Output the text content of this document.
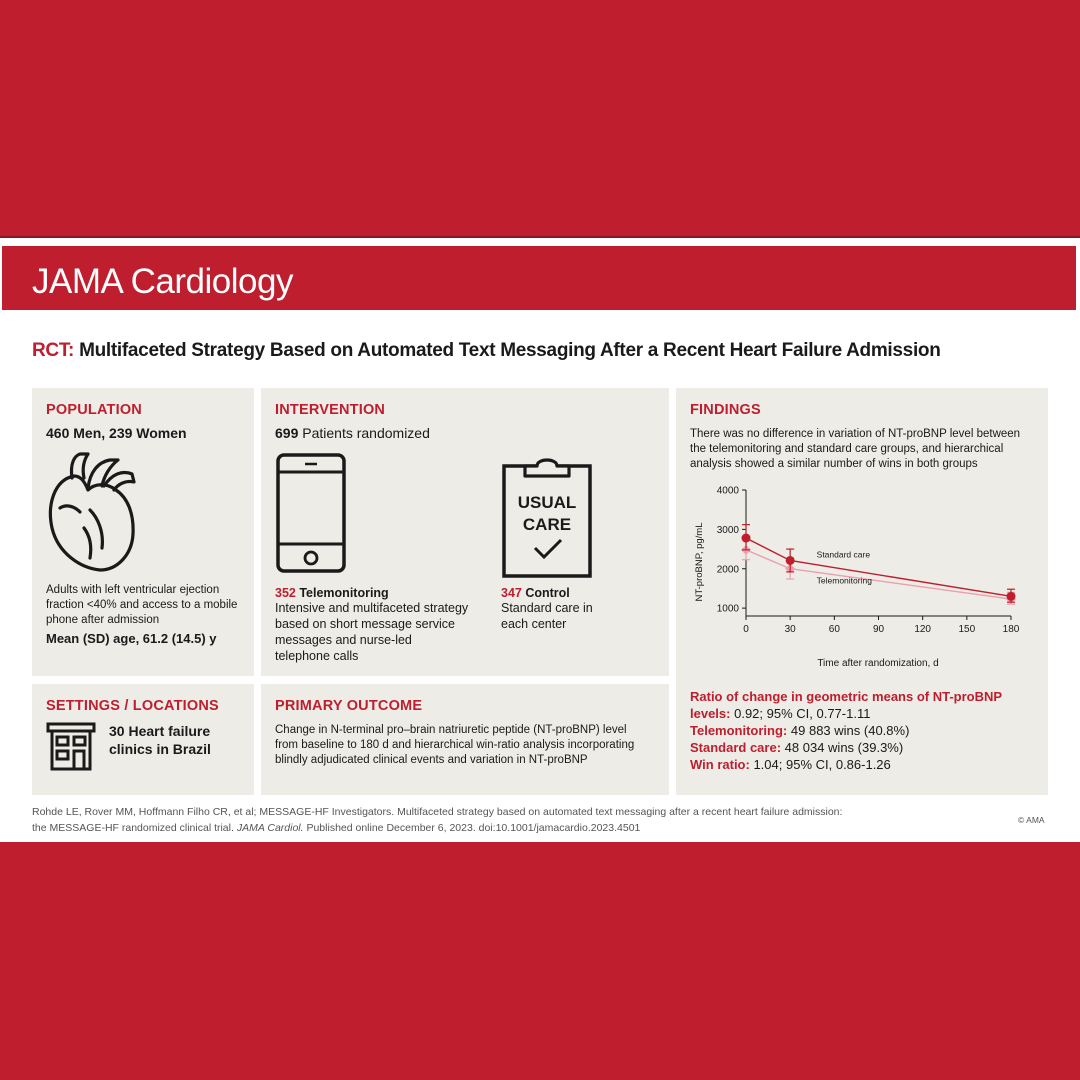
JAMA Cardiology
RCT: Multifaceted Strategy Based on Automated Text Messaging After a Recent Heart Failure Admission
POPULATION
460 Men, 239 Women
Adults with left ventricular ejection fraction <40% and access to a mobile phone after admission
Mean (SD) age, 61.2 (14.5) y
INTERVENTION
699 Patients randomized
352 Telemonitoring
Intensive and multifaceted strategy based on short message service messages and nurse-led telephone calls
USUAL
CARE
347 Control
Standard care in each center
FINDINGS
There was no difference in variation of NT-proBNP level between the telemonitoring and standard care groups, and hierarchical analysis showed a similar number of wins in both groups
NT-proBNP, pg/mL
Time after randomization, d
1000
2000
3000
4000
0	30	60	90	120	150	180
Standard care
Telemonitoring
Ratio of change in geometric means of NT-proBNP levels: 0.92; 95% CI, 0.77-1.11
Telemonitoring: 49 883 wins (40.8%)
Standard care: 48 034 wins (39.3%)
Win ratio: 1.04; 95% CI, 0.86-1.26
SETTINGS / LOCATIONS
30 Heart failure
clinics in Brazil
PRIMARY OUTCOME
Change in N-terminal pro–brain natriuretic peptide (NT-proBNP) level from baseline to 180 d and hierarchical win-ratio analysis incorporating blindly adjudicated clinical events and variation in NT-proBNP
Rohde LE, Rover MM, Hoffmann Filho CR, et al; MESSAGE-HF Investigators. Multifaceted strategy based on automated text messaging after a recent heart failure admission:
the MESSAGE-HF randomized clinical trial. JAMA Cardiol. Published online December 6, 2023. doi:10.1001/jamacardio.2023.4501
© AMA
